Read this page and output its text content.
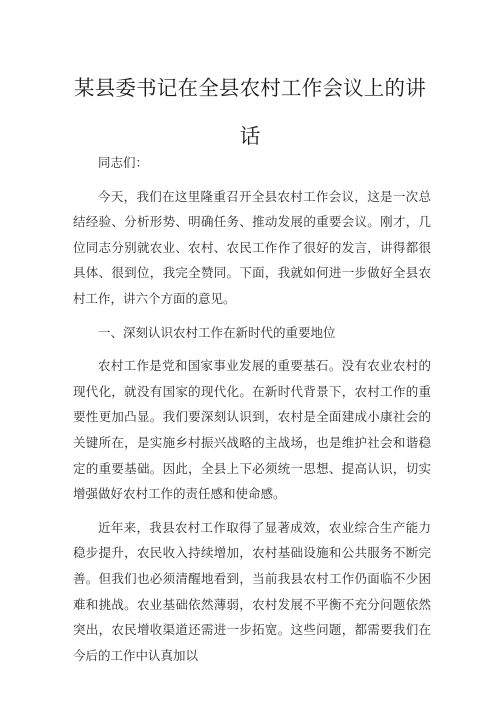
某县委书记在全县农村工作会议上的讲
话

同志们：

今天，我们在这里隆重召开全县农村工作会议，这是一次总结经验、分析形势、明确任务、推动发展的重要会议。刚才，几位同志分别就农业、农村、农民工作作了很好的发言，讲得都很具体、很到位，我完全赞同。下面，我就如何进一步做好全县农村工作，讲六个方面的意见。

一、深刻认识农村工作在新时代的重要地位

农村工作是党和国家事业发展的重要基石。没有农业农村的现代化，就没有国家的现代化。在新时代背景下，农村工作的重要性更加凸显。我们要深刻认识到，农村是全面建成小康社会的关键所在，是实施乡村振兴战略的主战场，也是维护社会和谐稳定的重要基础。因此，全县上下必须统一思想、提高认识，切实增强做好农村工作的责任感和使命感。

近年来，我县农村工作取得了显著成效，农业综合生产能力稳步提升，农民收入持续增加，农村基础设施和公共服务不断完善。但我们也必须清醒地看到，当前我县农村工作仍面临不少困难和挑战。农业基础依然薄弱，农村发展不平衡不充分问题依然突出，农民增收渠道还需进一步拓宽。这些问题，都需要我们在今后的工作中认真加以
